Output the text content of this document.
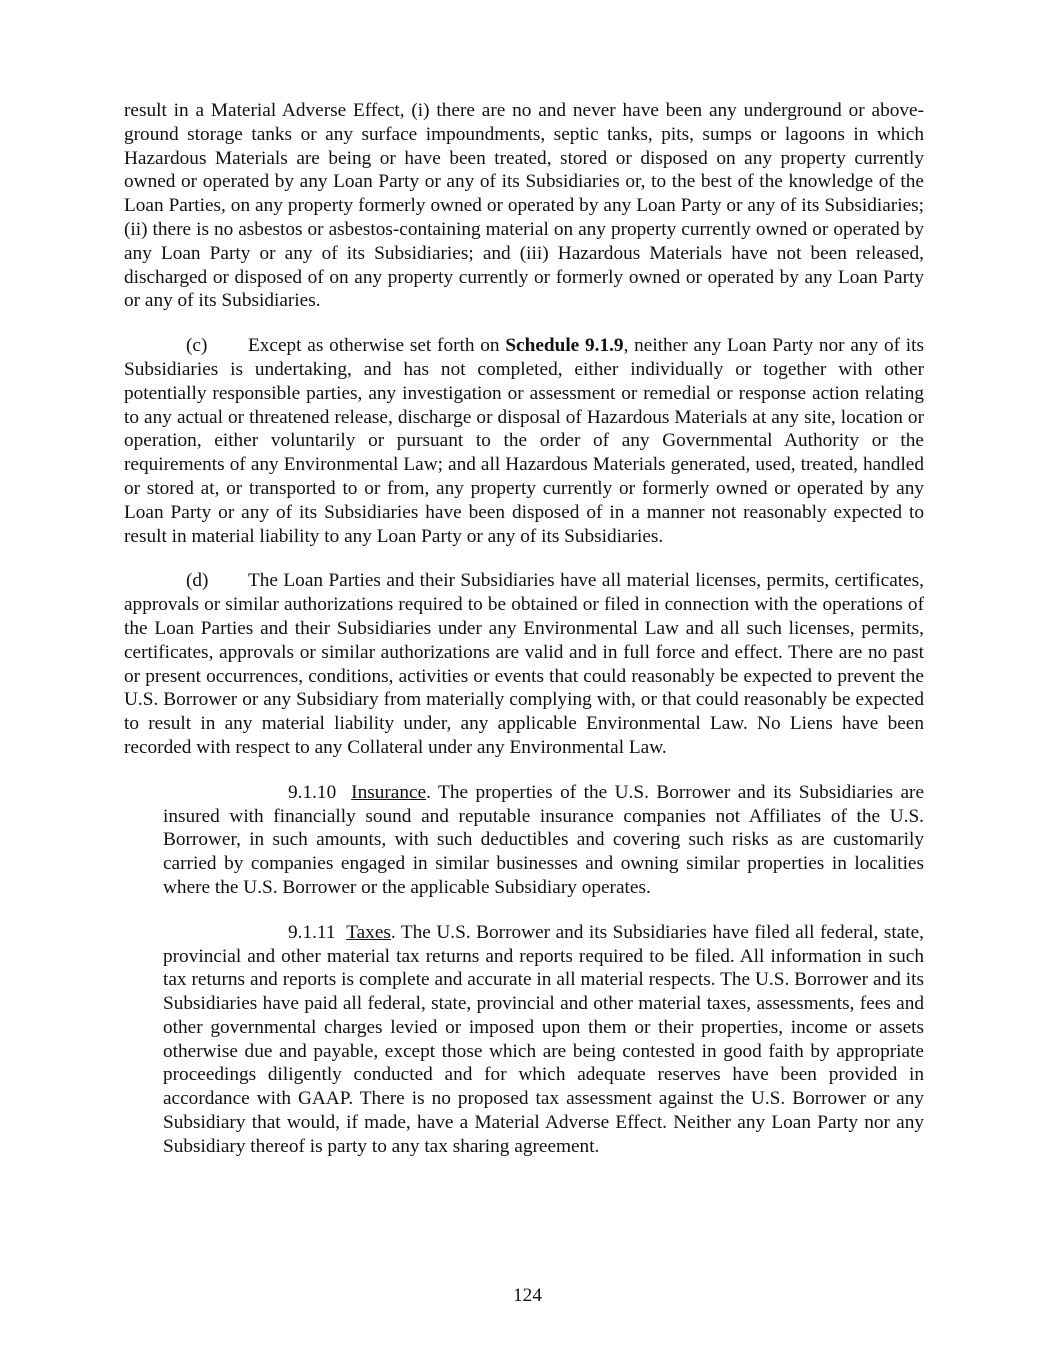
result in a Material Adverse Effect, (i) there are no and never have been any underground or above-ground storage tanks or any surface impoundments, septic tanks, pits, sumps or lagoons in which Hazardous Materials are being or have been treated, stored or disposed on any property currently owned or operated by any Loan Party or any of its Subsidiaries or, to the best of the knowledge of the Loan Parties, on any property formerly owned or operated by any Loan Party or any of its Subsidiaries; (ii) there is no asbestos or asbestos-containing material on any property currently owned or operated by any Loan Party or any of its Subsidiaries; and (iii) Hazardous Materials have not been released, discharged or disposed of on any property currently or formerly owned or operated by any Loan Party or any of its Subsidiaries.

(c) Except as otherwise set forth on Schedule 9.1.9, neither any Loan Party nor any of its Subsidiaries is undertaking, and has not completed, either individually or together with other potentially responsible parties, any investigation or assessment or remedial or response action relating to any actual or threatened release, discharge or disposal of Hazardous Materials at any site, location or operation, either voluntarily or pursuant to the order of any Governmental Authority or the requirements of any Environmental Law; and all Hazardous Materials generated, used, treated, handled or stored at, or transported to or from, any property currently or formerly owned or operated by any Loan Party or any of its Subsidiaries have been disposed of in a manner not reasonably expected to result in material liability to any Loan Party or any of its Subsidiaries.

(d) The Loan Parties and their Subsidiaries have all material licenses, permits, certificates, approvals or similar authorizations required to be obtained or filed in connection with the operations of the Loan Parties and their Subsidiaries under any Environmental Law and all such licenses, permits, certificates, approvals or similar authorizations are valid and in full force and effect. There are no past or present occurrences, conditions, activities or events that could reasonably be expected to prevent the U.S. Borrower or any Subsidiary from materially complying with, or that could reasonably be expected to result in any material liability under, any applicable Environmental Law. No Liens have been recorded with respect to any Collateral under any Environmental Law.

9.1.10 Insurance. The properties of the U.S. Borrower and its Subsidiaries are insured with financially sound and reputable insurance companies not Affiliates of the U.S. Borrower, in such amounts, with such deductibles and covering such risks as are customarily carried by companies engaged in similar businesses and owning similar properties in localities where the U.S. Borrower or the applicable Subsidiary operates.

9.1.11 Taxes. The U.S. Borrower and its Subsidiaries have filed all federal, state, provincial and other material tax returns and reports required to be filed. All information in such tax returns and reports is complete and accurate in all material respects. The U.S. Borrower and its Subsidiaries have paid all federal, state, provincial and other material taxes, assessments, fees and other governmental charges levied or imposed upon them or their properties, income or assets otherwise due and payable, except those which are being contested in good faith by appropriate proceedings diligently conducted and for which adequate reserves have been provided in accordance with GAAP. There is no proposed tax assessment against the U.S. Borrower or any Subsidiary that would, if made, have a Material Adverse Effect. Neither any Loan Party nor any Subsidiary thereof is party to any tax sharing agreement.

124
